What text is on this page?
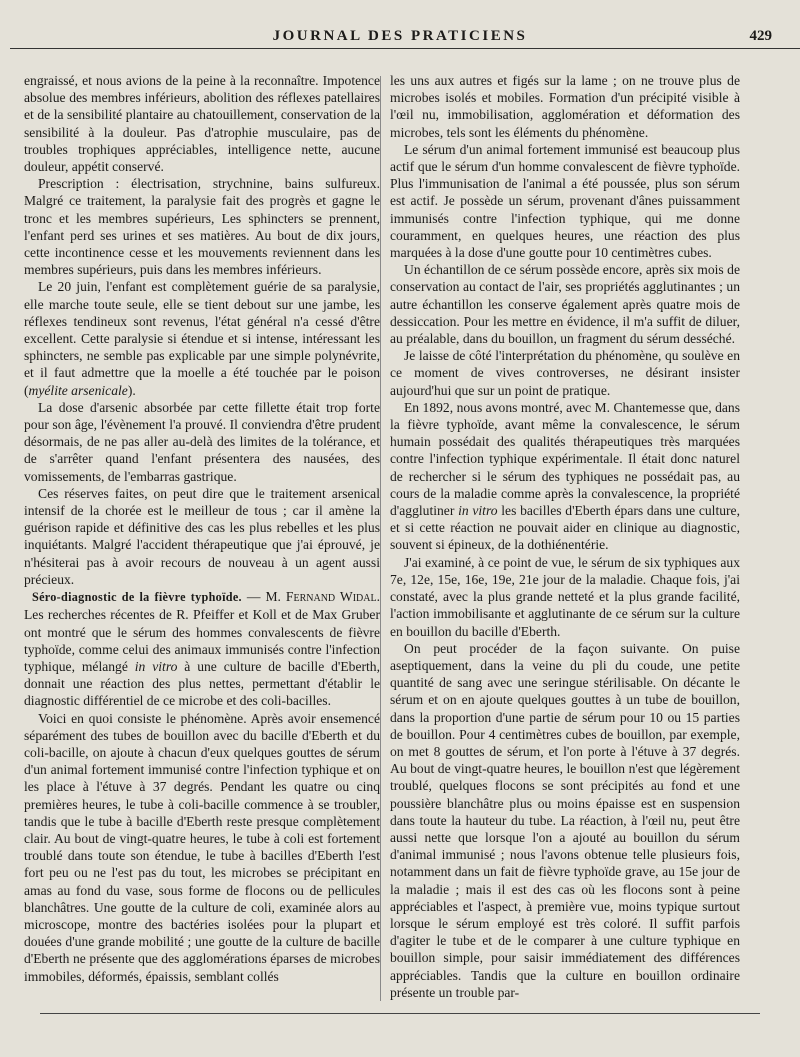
JOURNAL DES PRATICIENS	429

engraissé, et nous avions de la peine à la reconnaître. Impotence absolue des membres inférieurs, abolition des réflexes patellaires et de la sensibilité plantaire au chatouillement, conservation de la sensibilité à la douleur. Pas d'atrophie musculaire, pas de troubles trophiques appréciables, intelligence nette, aucune douleur, appétit conservé.

Prescription : électrisation, strychnine, bains sulfureux. Malgré ce traitement, la paralysie fait des progrès et gagne le tronc et les membres supérieurs, Les sphincters se prennent, l'enfant perd ses urines et ses matières. Au bout de dix jours, cette incontinence cesse et les mouvements reviennent dans les membres supérieurs, puis dans les membres inférieurs.

Le 20 juin, l'enfant est complètement guérie de sa paralysie, elle marche toute seule, elle se tient debout sur une jambe, les réflexes tendineux sont revenus, l'état général n'a cessé d'être excellent. Cette paralysie si étendue et si intense, intéressant les sphincters, ne semble pas explicable par une simple polynévrite, et il faut admettre que la moelle a été touchée par le poison (myélite arsenicale).

La dose d'arsenic absorbée par cette fillette était trop forte pour son âge, l'évènement l'a prouvé. Il conviendra d'être prudent désormais, de ne pas aller au-delà des limites de la tolérance, et de s'arrêter quand l'enfant présentera des nausées, des vomissements, de l'embarras gastrique.

Ces réserves faites, on peut dire que le traitement arsenical intensif de la chorée est le meilleur de tous ; car il amène la guérison rapide et définitive des cas les plus rebelles et les plus inquiétants. Malgré l'accident thérapeutique que j'ai éprouvé, je n'hésiterai pas à avoir recours de nouveau à un agent aussi précieux.

Séro-diagnostic de la fièvre typhoïde. — M. Fernand Widal. Les recherches récentes de R. Pfeiffer et Koll et de Max Gruber ont montré que le sérum des hommes convalescents de fièvre typhoïde, comme celui des animaux immunisés contre l'infection typhique, mélangé in vitro à une culture de bacille d'Eberth, donnait une réaction des plus nettes, permettant d'établir le diagnostic différentiel de ce microbe et des coli-bacilles.

Voici en quoi consiste le phénomène. Après avoir ensemencé séparément des tubes de bouillon avec du bacille d'Eberth et du coli-bacille, on ajoute à chacun d'eux quelques gouttes de sérum d'un animal fortement immunisé contre l'infection typhique et on les place à l'étuve à 37 degrés. Pendant les quatre ou cinq premières heures, le tube à coli-bacille commence à se troubler, tandis que le tube à bacille d'Eberth reste presque complètement clair. Au bout de vingt-quatre heures, le tube à coli est fortement troublé dans toute son étendue, le tube à bacilles d'Eberth l'est fort peu ou ne l'est pas du tout, les microbes se précipitant en amas au fond du vase, sous forme de flocons ou de pellicules blanchâtres. Une goutte de la culture de coli, examinée alors au microscope, montre des bactéries isolées pour la plupart et douées d'une grande mobilité ; une goutte de la culture de bacille d'Eberth ne présente que des agglomérations éparses de microbes immobiles, déformés, épaissis, semblant collés

les uns aux autres et figés sur la lame ; on ne trouve plus de microbes isolés et mobiles. Formation d'un précipité visible à l'œil nu, immobilisation, agglomération et déformation des microbes, tels sont les éléments du phénomène.

Le sérum d'un animal fortement immunisé est beaucoup plus actif que le sérum d'un homme convalescent de fièvre typhoïde. Plus l'immunisation de l'animal a été poussée, plus son sérum est actif. Je possède un sérum, provenant d'ânes puissamment immunisés contre l'infection typhique, qui me donne couramment, en quelques heures, une réaction des plus marquées à la dose d'une goutte pour 10 centimètres cubes.

Un échantillon de ce sérum possède encore, après six mois de conservation au contact de l'air, ses propriétés agglutinantes ; un autre échantillon les conserve également après quatre mois de dessiccation. Pour les mettre en évidence, il m'a suffit de diluer, au préalable, dans du bouillon, un fragment du sérum desséché.

Je laisse de côté l'interprétation du phénomène, qu soulève en ce moment de vives controverses, ne désirant insister aujourd'hui que sur un point de pratique.

En 1892, nous avons montré, avec M. Chantemesse que, dans la fièvre typhoïde, avant même la convalescence, le sérum humain possédait des qualités thérapeutiques très marquées contre l'infection typhique expérimentale. Il était donc naturel de rechercher si le sérum des typhiques ne possédait pas, au cours de la maladie comme après la convalescence, la propriété d'agglutiner in vitro les bacilles d'Eberth épars dans une culture, et si cette réaction ne pouvait aider en clinique au diagnostic, souvent si épineux, de la dothiénentérie.

J'ai examiné, à ce point de vue, le sérum de six typhiques aux 7e, 12e, 15e, 16e, 19e, 21e jour de la maladie. Chaque fois, j'ai constaté, avec la plus grande netteté et la plus grande facilité, l'action immobilisante et agglutinante de ce sérum sur la culture en bouillon du bacille d'Eberth.

On peut procéder de la façon suivante. On puise aseptiquement, dans la veine du pli du coude, une petite quantité de sang avec une seringue stérilisable. On décante le sérum et on en ajoute quelques gouttes à un tube de bouillon, dans la proportion d'une partie de sérum pour 10 ou 15 parties de bouillon. Pour 4 centimètres cubes de bouillon, par exemple, on met 8 gouttes de sérum, et l'on porte à l'étuve à 37 degrés. Au bout de vingt-quatre heures, le bouillon n'est que légèrement troublé, quelques flocons se sont précipités au fond et une poussière blanchâtre plus ou moins épaisse est en suspension dans toute la hauteur du tube. La réaction, à l'œil nu, peut être aussi nette que lorsque l'on a ajouté au bouillon du sérum d'animal immunisé ; nous l'avons obtenue telle plusieurs fois, notamment dans un fait de fièvre typhoïde grave, au 15e jour de la maladie ; mais il est des cas où les flocons sont à peine appréciables et l'aspect, à première vue, moins typique surtout lorsque le sérum employé est très coloré. Il suffit parfois d'agiter le tube et de le comparer à une culture typhique en bouillon simple, pour saisir immédiatement des différences appréciables. Tandis que la culture en bouillon ordinaire présente un trouble par-
